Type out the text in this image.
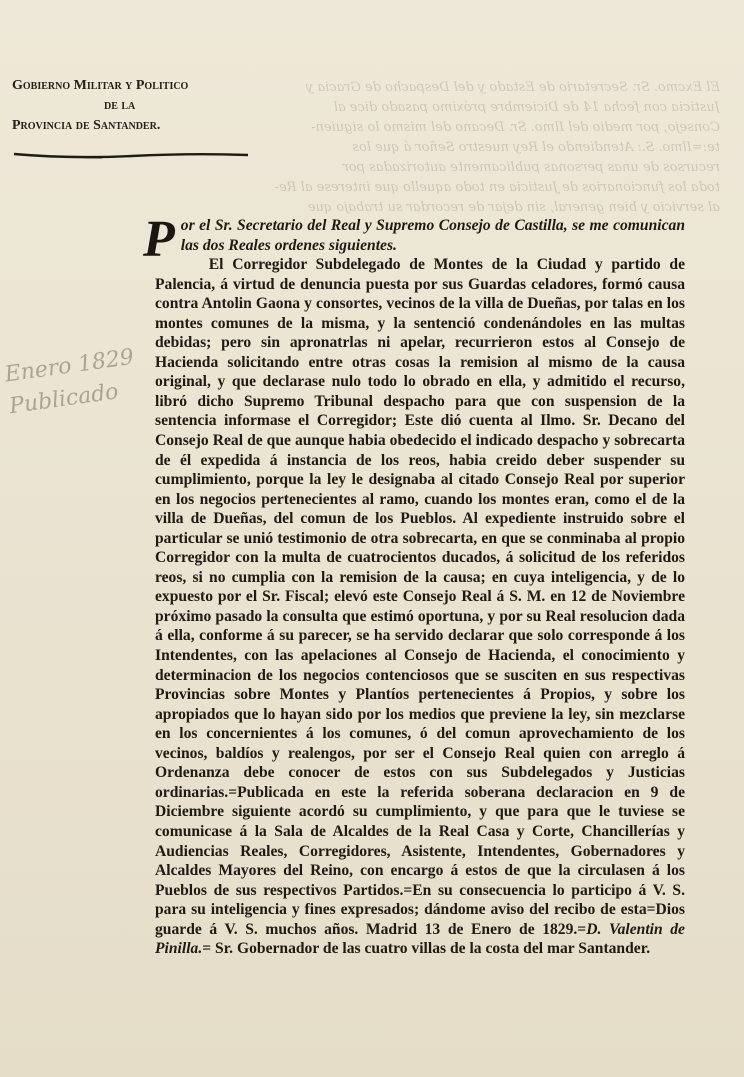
El Excmo. Sr. Secretario de Estado y del Despacho de Gracia y
Justicia con fecha 14 de Diciembre próximo pasado dice al
Consejo, por medio del Ilmo. Sr. Decano del mismo lo siguien-
te:=Ilmo. S.: Atendiendo el Rey nuestro Señor á que los
recursos de unas personas publicamente autorizadas por
toda los funcionarios de Justicia en todo aquello que interese al Re-
al servicio y bien general, sin dejar de recordar su trabajo que
Gobierno Militar y Politico
de la
Provincia de Santander.
Enero 1829 Publicado

P or el Sr. Secretario del Real y Supremo Consejo de Castilla, se me comunican las dos Reales ordenes siguientes.

El Corregidor Subdelegado de Montes de la Ciudad y partido de Palencia, á virtud de denuncia puesta por sus Guardas celadores, formó causa contra Antolin Gaona y consortes, vecinos de la villa de Dueñas, por talas en los montes comunes de la misma, y la sentenció condenándoles en las multas debidas; pero sin apronatrlas ni apelar, recurrieron estos al Consejo de Hacienda solicitando entre otras cosas la remision al mismo de la causa original, y que declarase nulo todo lo obrado en ella, y admitido el recurso, libró dicho Supremo Tribunal despacho para que con suspension de la sentencia informase el Corregidor; Este dió cuenta al Ilmo. Sr. Decano del Consejo Real de que aunque habia obedecido el indicado despacho y sobrecarta de él expedida á instancia de los reos, habia creido deber suspender su cumplimiento, porque la ley le designaba al citado Consejo Real por superior en los negocios pertenecientes al ramo, cuando los montes eran, como el de la villa de Dueñas, del comun de los Pueblos. Al expediente instruido sobre el particular se unió testimonio de otra sobrecarta, en que se conminaba al propio Corregidor con la multa de cuatrocientos ducados, á solicitud de los referidos reos, si no cumplia con la remision de la causa; en cuya inteligencia, y de lo expuesto por el Sr. Fiscal; elevó este Consejo Real á S. M. en 12 de Noviembre próximo pasado la consulta que estimó oportuna, y por su Real resolucion dada á ella, conforme á su parecer, se ha servido declarar que solo corresponde á los Intendentes, con las apelaciones al Consejo de Hacienda, el conocimiento y determinacion de los negocios contenciosos que se susciten en sus respectivas Provincias sobre Montes y Plantíos pertenecientes á Propios, y sobre los apropiados que lo hayan sido por los medios que previene la ley, sin mezclarse en los concernientes á los comunes, ó del comun aprovechamiento de los vecinos, baldíos y realengos, por ser el Consejo Real quien con arreglo á Ordenanza debe conocer de estos con sus Subdelegados y Justicias ordinarias.=Publicada en este la referida soberana declaracion en 9 de Diciembre siguiente acordó su cumplimiento, y que para que le tuviese se comunicase á la Sala de Alcaldes de la Real Casa y Corte, Chancillerías y Audiencias Reales, Corregidores, Asistente, Intendentes, Gobernadores y Alcaldes Mayores del Reino, con encargo á estos de que la circulasen á los Pueblos de sus respectivos Partidos.=En su consecuencia lo participo á V. S. para su inteligencia y fines expresados; dándome aviso del recibo de esta=Dios guarde á V. S. muchos años. Madrid 13 de Enero de 1829.=D. Valentin de Pinilla.= Sr. Gobernador de las cuatro villas de la costa del mar Santander.
